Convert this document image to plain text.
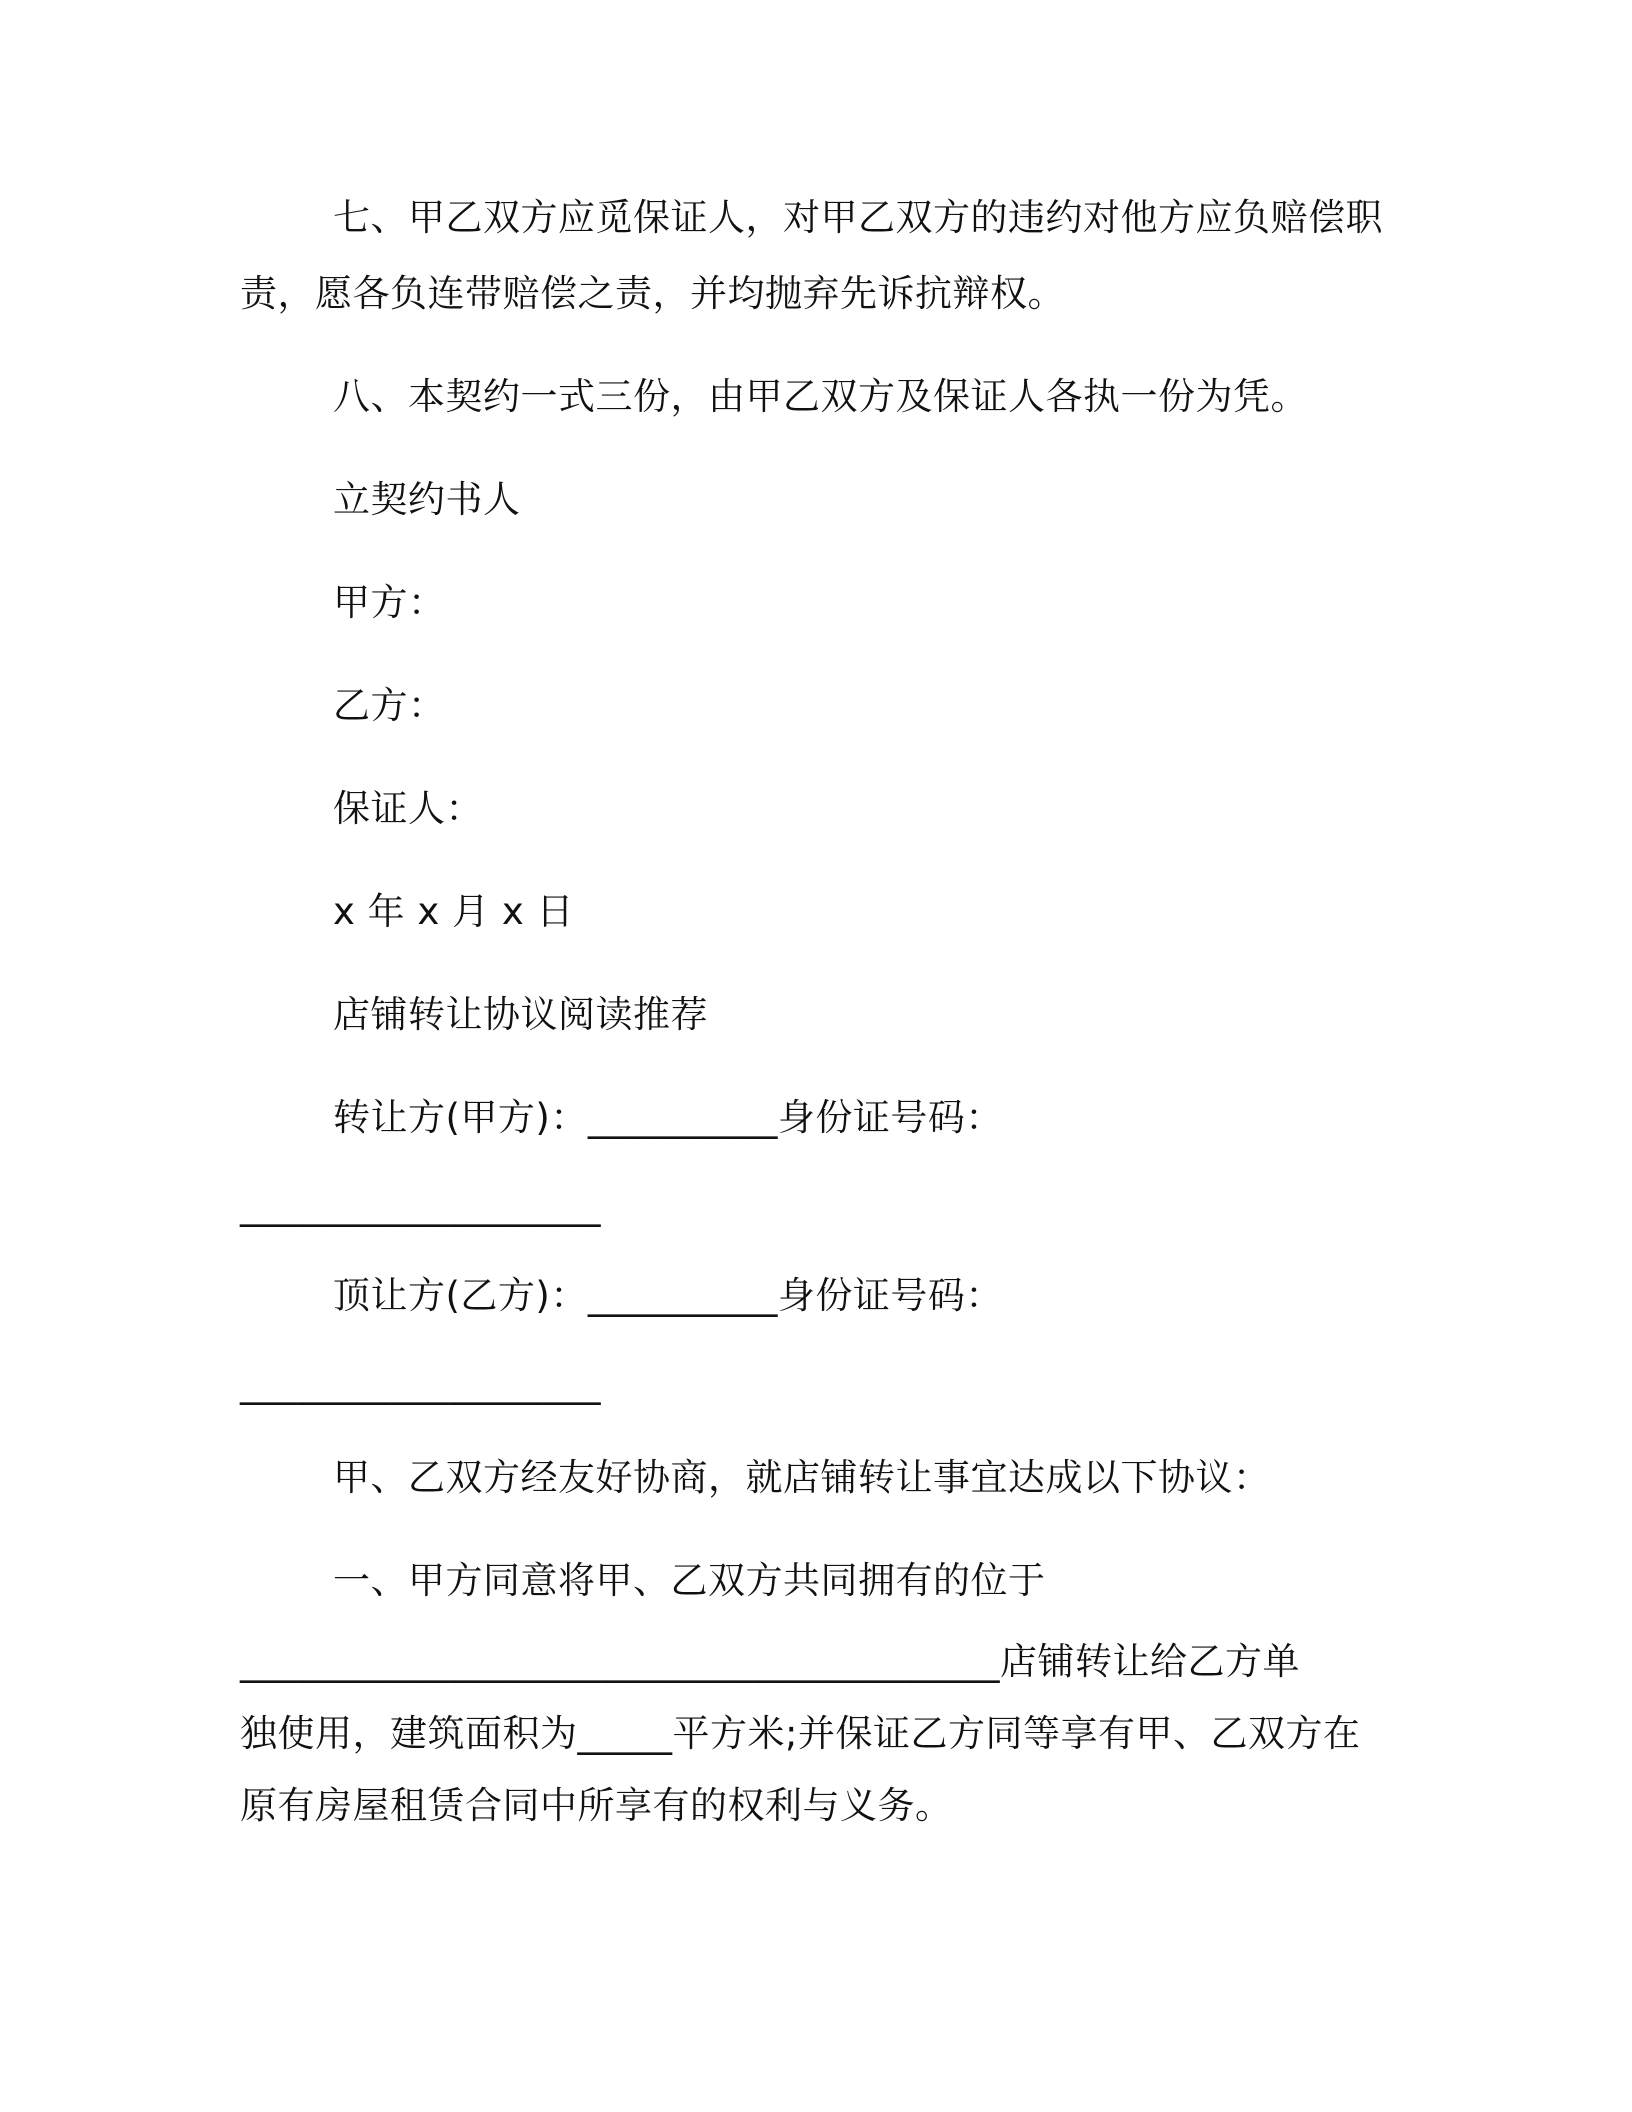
七、甲乙双方应觅保证人，对甲乙双方的违约对他方应负赔偿职
责，愿各负连带赔偿之责，并均抛弃先诉抗辩权。
八、本契约一式三份，由甲乙双方及保证人各执一份为凭。
立契约书人
甲方：
乙方：
保证人：
x 年 x 月 x 日
店铺转让协议阅读推荐
转让方(甲方)：__________身份证号码：
___________________
顶让方(乙方)：__________身份证号码：
___________________
甲、乙双方经友好协商，就店铺转让事宜达成以下协议：
一、甲方同意将甲、乙双方共同拥有的位于
________________________________________店铺转让给乙方单
独使用，建筑面积为_____平方米;并保证乙方同等享有甲、乙双方在
原有房屋租赁合同中所享有的权利与义务。
